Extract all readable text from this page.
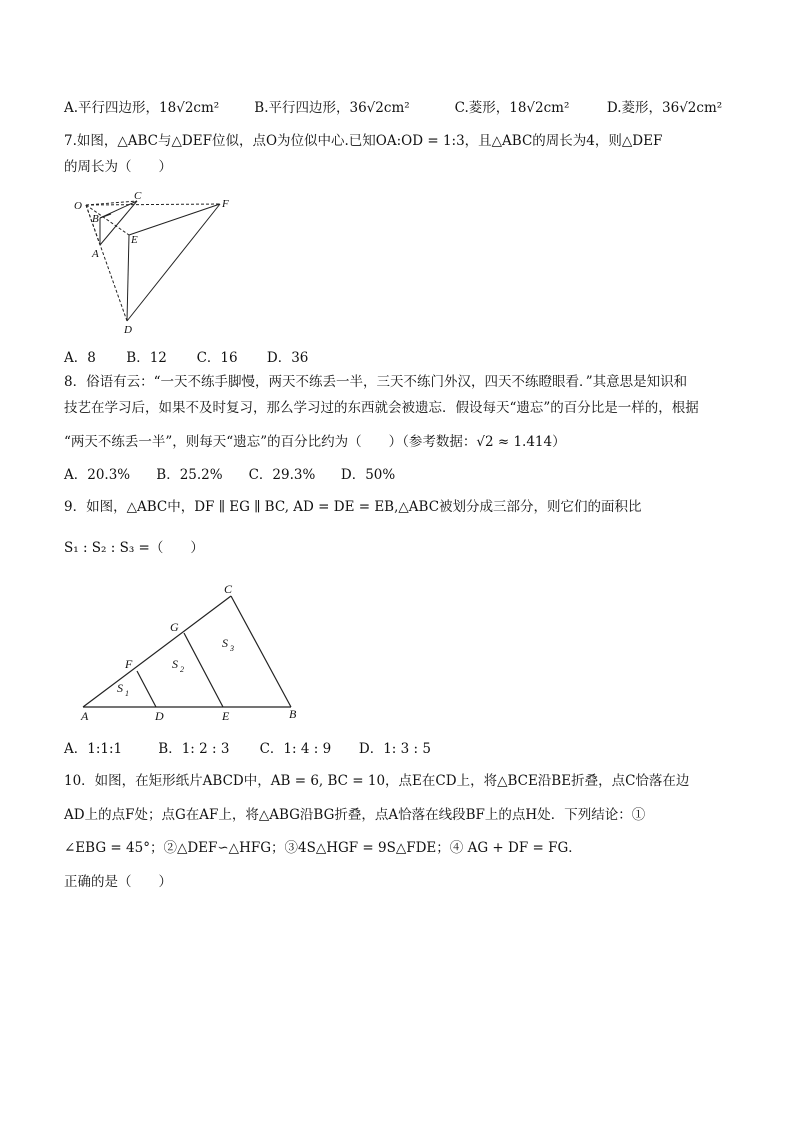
A.平行四边形，18√2cm²	B.平行四边形，36√2cm²	C.菱形，18√2cm²	D.菱形，36√2cm²
7.如图，△ABC与△DEF位似，点O为位似中心.已知OA:OD = 1:3，且△ABC的周长为4，则△DEF
的周长为（　　）
O
C
F
B
E
A
D
A．8 B．12 C．16 D．36
8．俗语有云：“一天不练手脚慢，两天不练丢一半，三天不练门外汉，四天不练瞪眼看．”其意思是知识和
技艺在学习后，如果不及时复习，那么学习过的东西就会被遗忘．假设每天“遗忘”的百分比是一样的，根据
“两天不练丢一半”，则每天“遗忘”的百分比约为（　　）（参考数据：√2 ≈ 1.414）
A．20.3% B．25.2% C．29.3% D．50%
9．如图，△ABC中，DF ∥ EG ∥ BC, AD = DE = EB,△ABC被划分成三部分，则它们的面积比
S₁ : S₂ : S₃ =（　　）
A	D	E	B
F
G
C
S 1
S 2
S 3
A．1:1:1	B．1: 2 : 3 C．1: 4 : 9 D．1: 3 : 5
10．如图，在矩形纸片ABCD中，AB = 6, BC = 10，点E在CD上，将△BCE沿BE折叠，点C恰落在边
AD上的点F处；点G在AF上，将△ABG沿BG折叠，点A恰落在线段BF上的点H处．下列结论：①
∠EBG = 45°；②△DEF∽△HFG；③4S△HGF = 9S△FDE；④ AG + DF = FG．
正确的是（　　）
